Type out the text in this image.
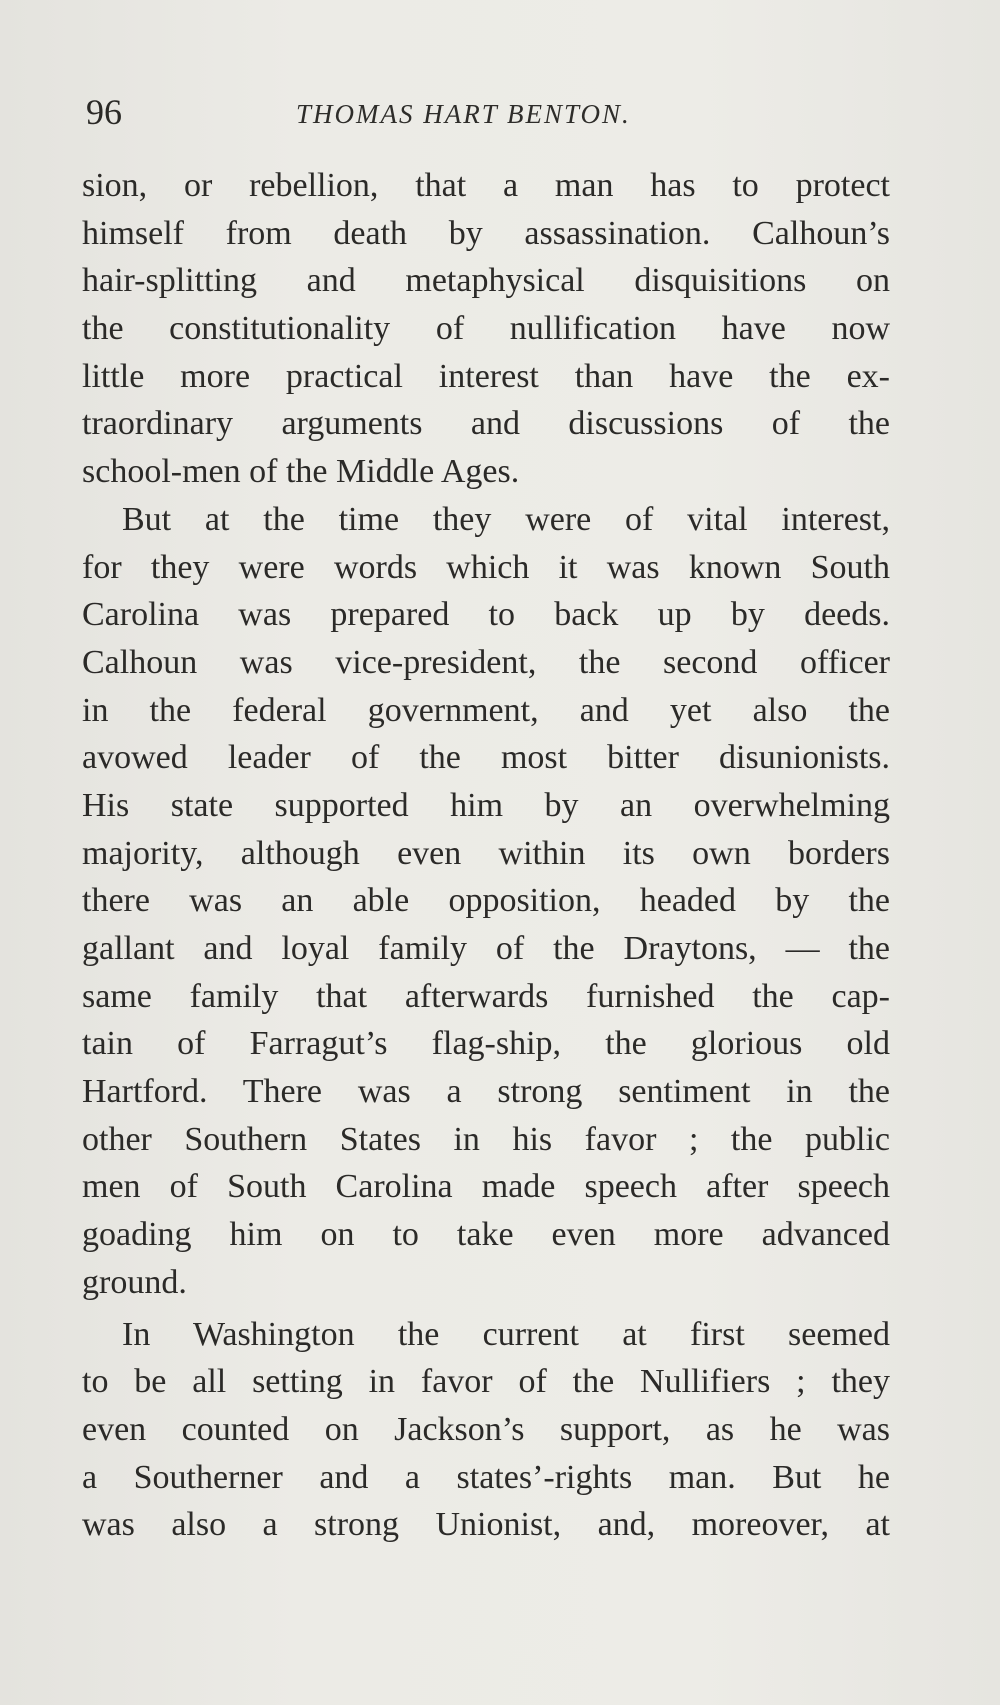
96	THOMAS HART BENTON.
sion, or rebellion, that a man has to protect
himself from death by assassination. Calhoun’s
hair-splitting and metaphysical disquisitions on
the constitutionality of nullification have now
little more practical interest than have the ex-
traordinary arguments and discussions of the
school-men of the Middle Ages.
But at the time they were of vital interest,
for they were words which it was known South
Carolina was prepared to back up by deeds.
Calhoun was vice-president, the second officer
in the federal government, and yet also the
avowed leader of the most bitter disunionists.
His state supported him by an overwhelming
majority, although even within its own borders
there was an able opposition, headed by the
gallant and loyal family of the Draytons, — the
same family that afterwards furnished the cap-
tain of Farragut’s flag-ship, the glorious old
Hartford. There was a strong sentiment in the
other Southern States in his favor ; the public
men of South Carolina made speech after speech
goading him on to take even more advanced
ground.
In Washington the current at first seemed
to be all setting in favor of the Nullifiers ; they
even counted on Jackson’s support, as he was
a Southerner and a states’-rights man. But he
was also a strong Unionist, and, moreover, at
